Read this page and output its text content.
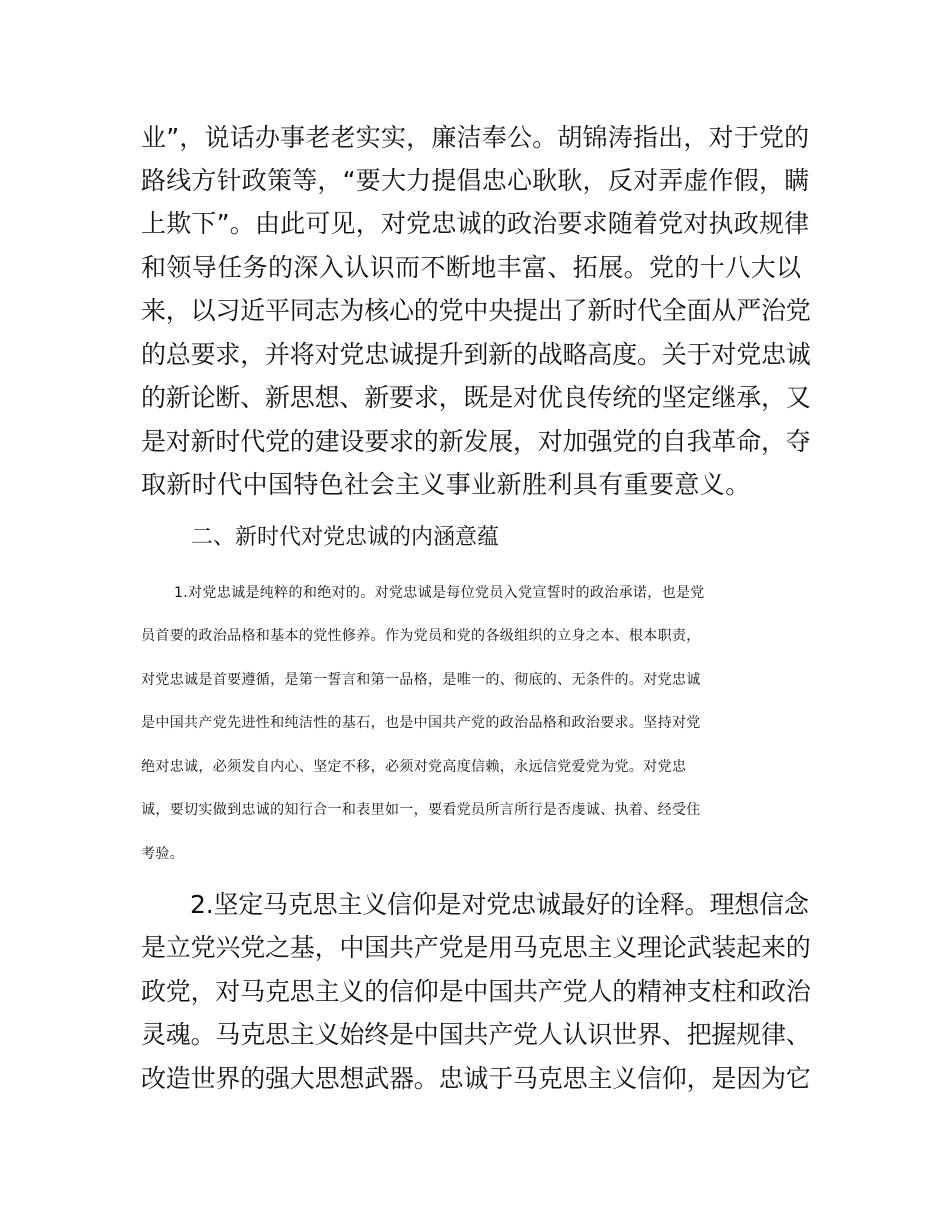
业”，说话办事老老实实，廉洁奉公。胡锦涛指出，对于党的

路线方针政策等，“要大力提倡忠心耿耿，反对弄虚作假，瞒

上欺下”。由此可见，对党忠诚的政治要求随着党对执政规律

和领导任务的深入认识而不断地丰富、拓展。党的十八大以

来，以习近平同志为核心的党中央提出了新时代全面从严治党

的总要求，并将对党忠诚提升到新的战略高度。关于对党忠诚

的新论断、新思想、新要求，既是对优良传统的坚定继承，又

是对新时代党的建设要求的新发展，对加强党的自我革命，夺

取新时代中国特色社会主义事业新胜利具有重要意义。

二、新时代对党忠诚的内涵意蕴

1.对党忠诚是纯粹的和绝对的。对党忠诚是每位党员入党宣誓时的政治承诺，也是党

员首要的政治品格和基本的党性修养。作为党员和党的各级组织的立身之本、根本职责，

对党忠诚是首要遵循，是第一誓言和第一品格，是唯一的、彻底的、无条件的。对党忠诚

是中国共产党先进性和纯洁性的基石，也是中国共产党的政治品格和政治要求。坚持对党

绝对忠诚，必须发自内心、坚定不移，必须对党高度信赖，永远信党爱党为党。对党忠

诚，要切实做到忠诚的知行合一和表里如一，要看党员所言所行是否虔诚、执着、经受住

考验。

2.坚定马克思主义信仰是对党忠诚最好的诠释。理想信念

是立党兴党之基，中国共产党是用马克思主义理论武装起来的

政党，对马克思主义的信仰是中国共产党人的精神支柱和政治

灵魂。马克思主义始终是中国共产党人认识世界、把握规律、

改造世界的强大思想武器。忠诚于马克思主义信仰，是因为它
